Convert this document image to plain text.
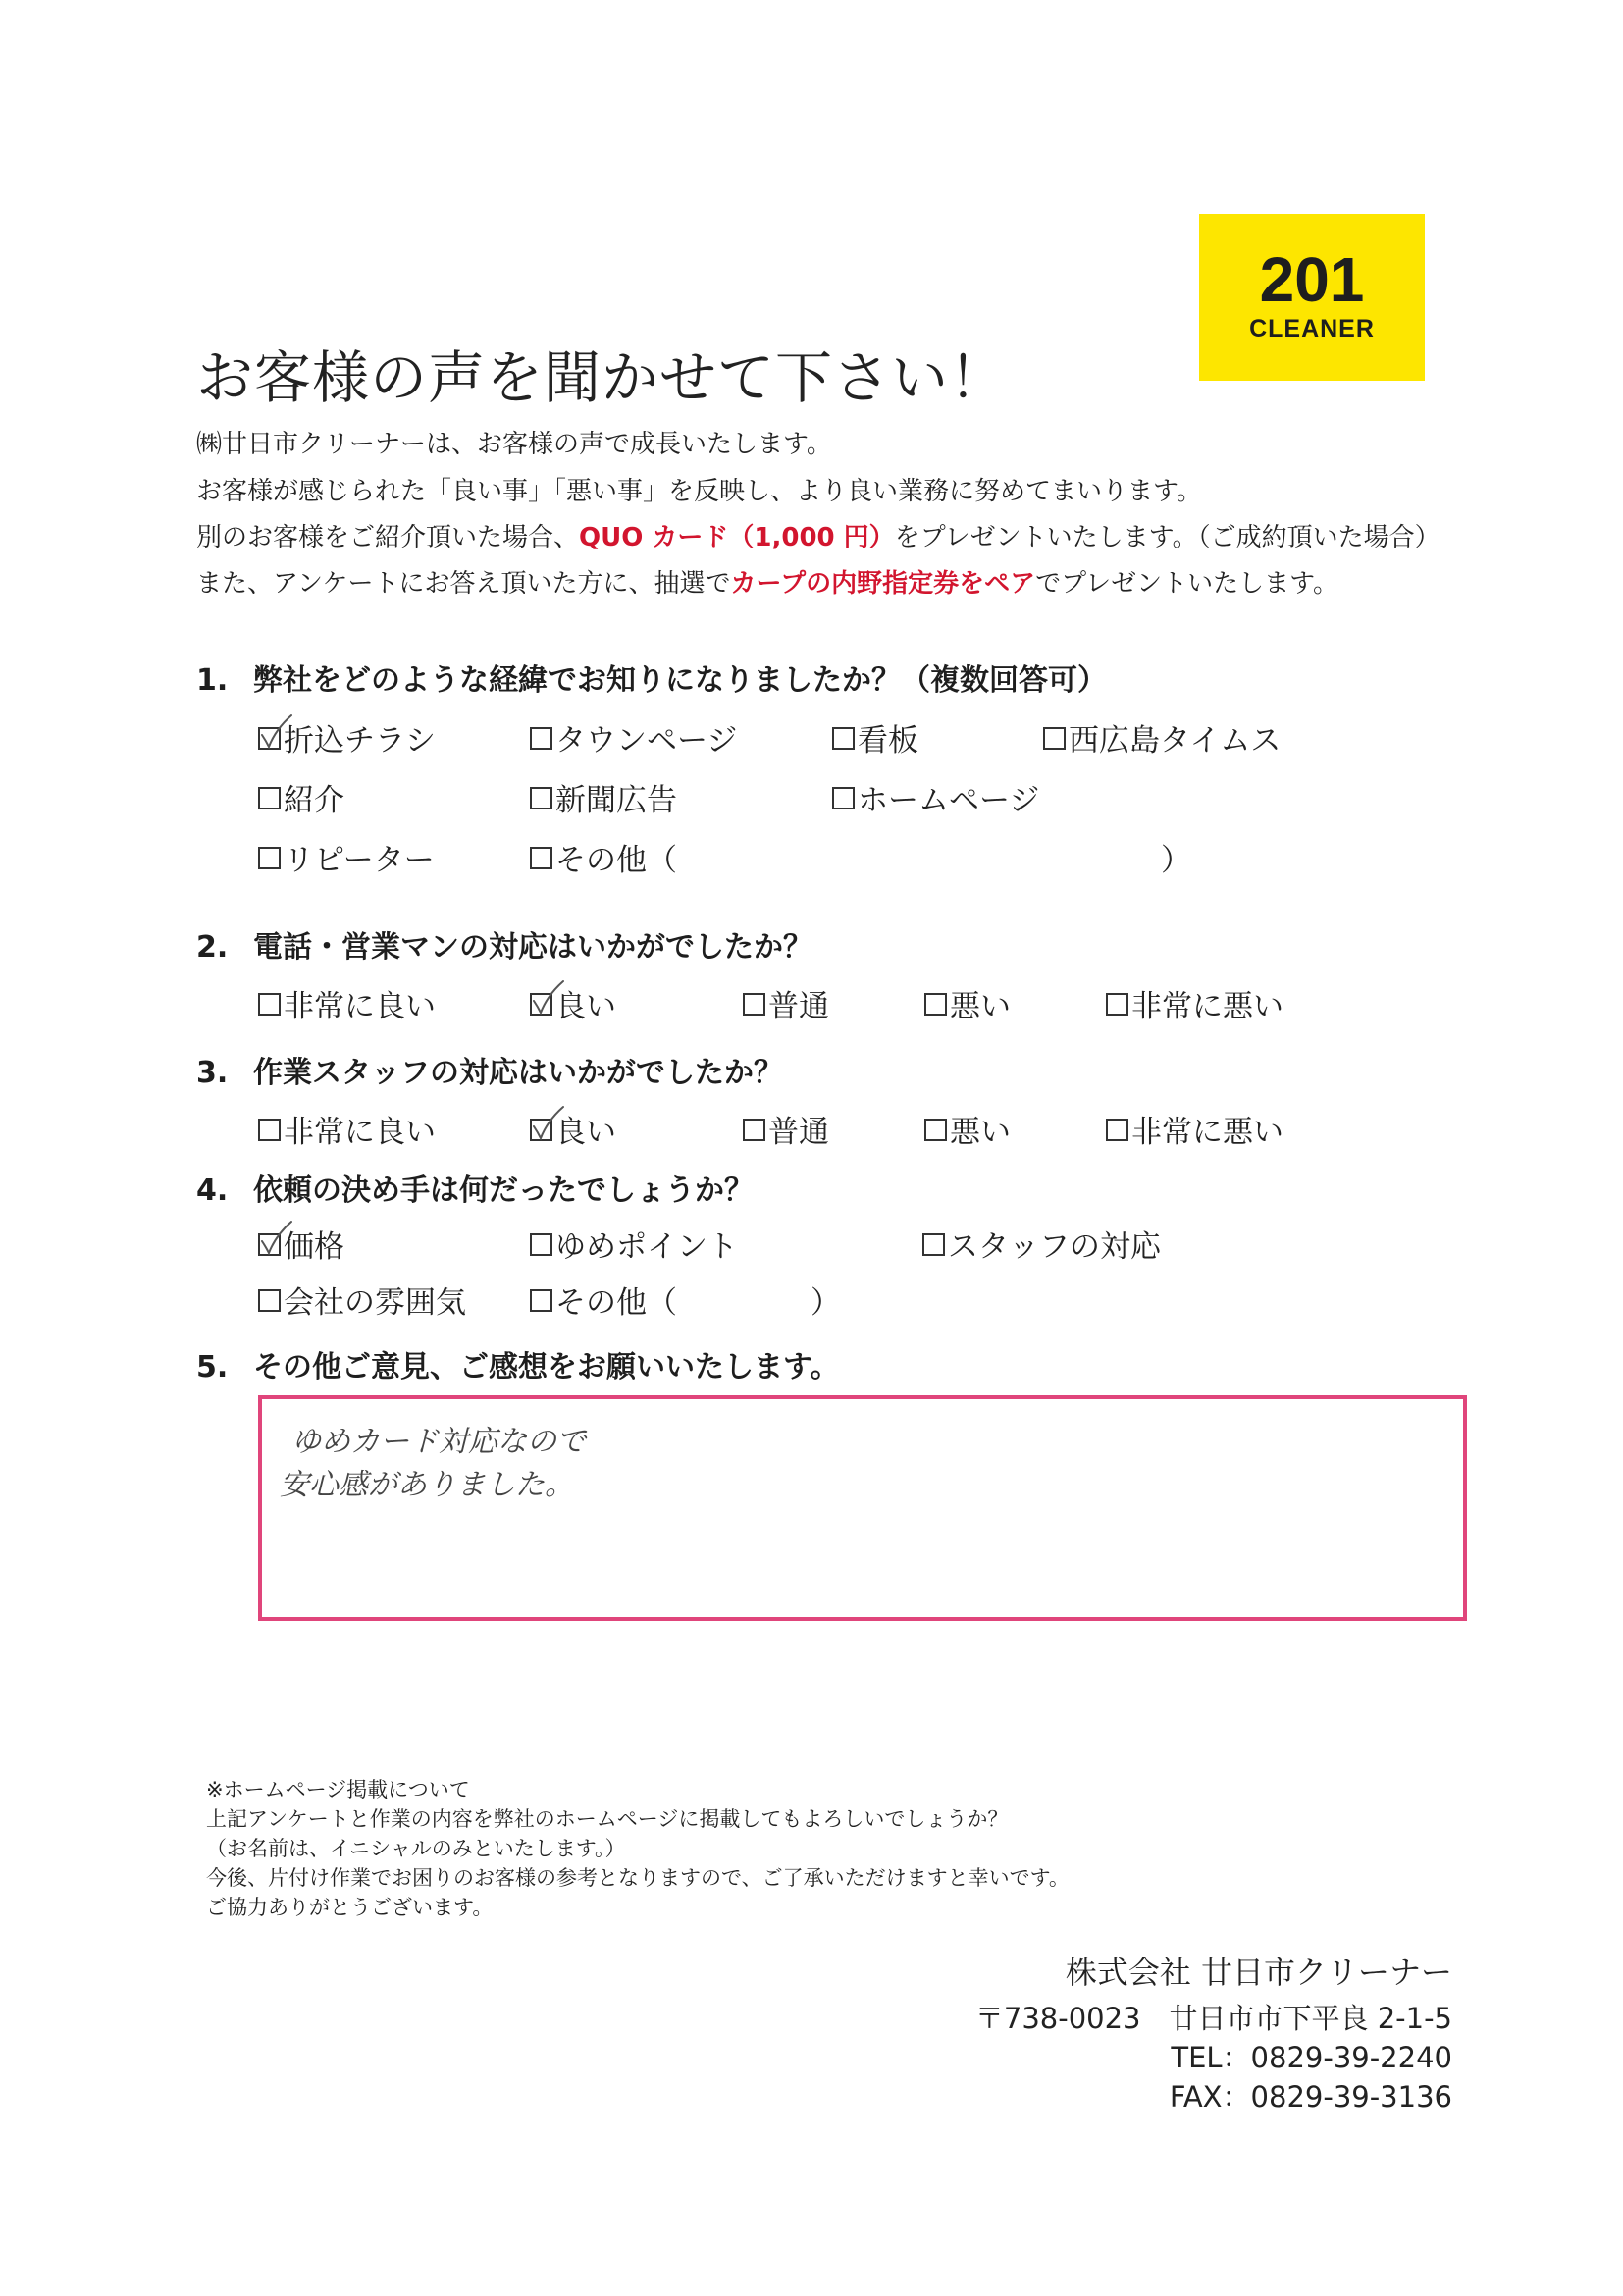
201
CLEANER
お客様の声を聞かせて下さい！
㈱廿日市クリーナーは、お客様の声で成長いたします。
お客様が感じられた「良い事」「悪い事」を反映し、より良い業務に努めてまいります。
別のお客様をご紹介頂いた場合、QUO カード（1,000 円）をプレゼントいたします。（ご成約頂いた場合）
また、アンケートにお答え頂いた方に、抽選でカープの内野指定券をペアでプレゼントいたします。
1. 弊社をどのような経緯でお知りになりましたか？（複数回答可）
折込チラシ	タウンページ	看板	西広島タイムス
紹介	新聞広告	ホームページ
リピーター	その他（	）
2. 電話・営業マンの対応はいかがでしたか？
非常に良い	良い	普通	悪い	非常に悪い
3. 作業スタッフの対応はいかがでしたか？
非常に良い	良い	普通	悪い	非常に悪い
4. 依頼の決め手は何だったでしょうか？
価格	ゆめポイント	スタッフの対応
会社の雰囲気	その他（	）
5. その他ご意見、ご感想をお願いいたします。
ゆめカード対応なので
安心感がありました。
※ホームページ掲載について
上記アンケートと作業の内容を弊社のホームページに掲載してもよろしいでしょうか？
（お名前は、イニシャルのみといたします。）
今後、片付け作業でお困りのお客様の参考となりますので、ご了承いただけますと幸いです。
ご協力ありがとうございます。
株式会社 廿日市クリーナー
〒738-0023　廿日市市下平良 2-1-5
TEL：0829-39-2240
FAX：0829-39-3136
